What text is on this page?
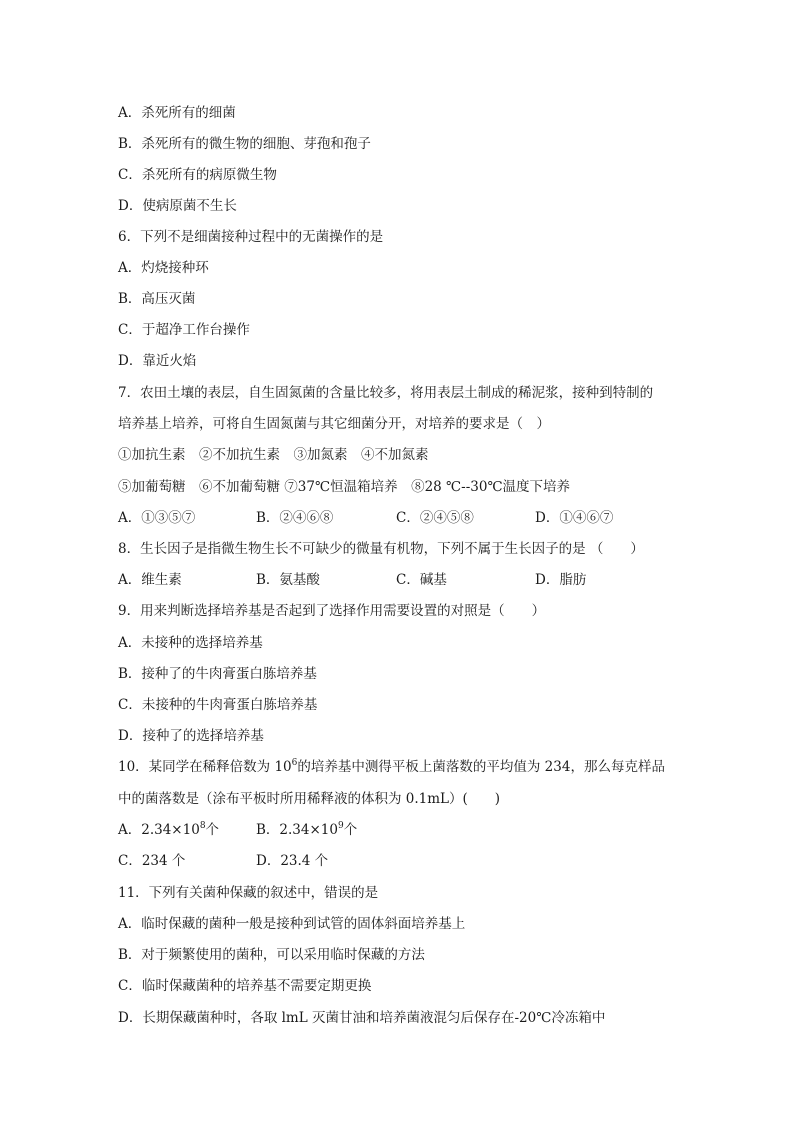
A．杀死所有的细菌
B．杀死所有的微生物的细胞、芽孢和孢子
C．杀死所有的病原微生物
D．使病原菌不生长
6．下列不是细菌接种过程中的无菌操作的是
A．灼烧接种环
B．高压灭菌
C．于超净工作台操作
D．靠近火焰
7．农田土壤的表层，自生固氮菌的含量比较多，将用表层土制成的稀泥浆，接种到特制的
培养基上培养，可将自生固氮菌与其它细菌分开，对培养的要求是（　）
①加抗生素　②不加抗生素　③加氮素　④不加氮素
⑤加葡萄糖　⑥不加葡萄糖 ⑦37℃恒温箱培养　⑧28 ℃--30℃温度下培养
A．①③⑤⑦	B．②④⑥⑧	C．②④⑤⑧	D．①④⑥⑦
8．生长因子是指微生物生长不可缺少的微量有机物，下列不属于生长因子的是 （　　）
A．维生素	B．氨基酸	C．碱基	D．脂肪
9．用来判断选择培养基是否起到了选择作用需要设置的对照是（　　）
A．未接种的选择培养基
B．接种了的牛肉膏蛋白胨培养基
C．未接种的牛肉膏蛋白胨培养基
D．接种了的选择培养基
10．某同学在稀释倍数为 $10^6$的培养基中测得平板上菌落数的平均值为 234，那么每克样品
中的菌落数是（涂布平板时所用稀释液的体积为 0.1mL）(　　)
A．$2.34\times 10^8$个	B．$2.34\times 10^9$个
C．234 个	D．23.4 个
11．下列有关菌种保藏的叙述中，错误的是
A．临时保藏的菌种一般是接种到试管的固体斜面培养基上
B．对于频繁使用的菌种，可以采用临时保藏的方法
C．临时保藏菌种的培养基不需要定期更换
D．长期保藏菌种时，各取 lmL 灭菌甘油和培养菌液混匀后保存在-20℃冷冻箱中
